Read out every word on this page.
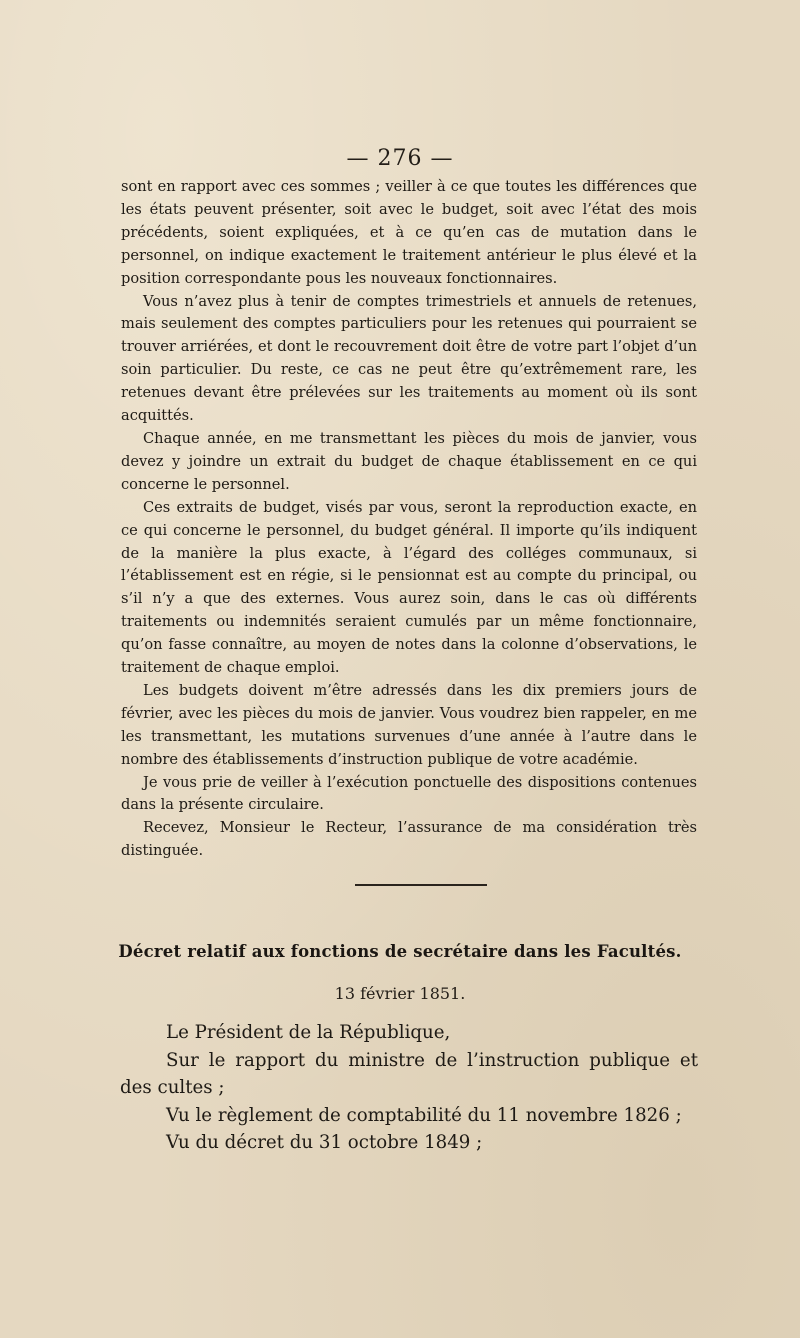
— 276 —

sont en rapport avec ces sommes ; veiller à ce que toutes les différences que les états peuvent présenter, soit avec le budget, soit avec l’état des mois précédents, soient expliquées, et à ce qu’en cas de mutation dans le personnel, on indique exactement le traitement antérieur le plus élevé et la position correspondante pous les nouveaux fonctionnaires.

Vous n’avez plus à tenir de comptes trimestriels et annuels de retenues, mais seulement des comptes particuliers pour les retenues qui pourraient se trouver arriérées, et dont le recouvrement doit être de votre part l’objet d’un soin particulier. Du reste, ce cas ne peut être qu’extrêmement rare, les retenues devant être prélevées sur les traitements au moment où ils sont acquittés.

Chaque année, en me transmettant les pièces du mois de janvier, vous devez y joindre un extrait du budget de chaque établissement en ce qui concerne le personnel.

Ces extraits de budget, visés par vous, seront la reproduction exacte, en ce qui concerne le personnel, du budget général. Il importe qu’ils indiquent de la manière la plus exacte, à l’égard des colléges communaux, si l’établissement est en régie, si le pensionnat est au compte du principal, ou s’il n’y a que des externes. Vous aurez soin, dans le cas où différents traitements ou indemnités seraient cumulés par un même fonctionnaire, qu’on fasse connaître, au moyen de notes dans la colonne d’observations, le traitement de chaque emploi.

Les budgets doivent m’être adressés dans les dix premiers jours de février, avec les pièces du mois de janvier. Vous voudrez bien rappeler, en me les transmettant, les mutations survenues d’une année à l’autre dans le nombre des établissements d’instruction publique de votre académie.

Je vous prie de veiller à l’exécution ponctuelle des dispositions contenues dans la présente circulaire.

Recevez, Monsieur le Recteur, l’assurance de ma considération très distinguée.

Décret relatif aux fonctions de secrétaire dans les Facultés.
13 février 1851.

Le Président de la République,

Sur le rapport du ministre de l’instruction publique et des cultes ;

Vu le règlement de comptabilité du 11 novembre 1826 ;

Vu du décret du 31 octobre 1849 ;
